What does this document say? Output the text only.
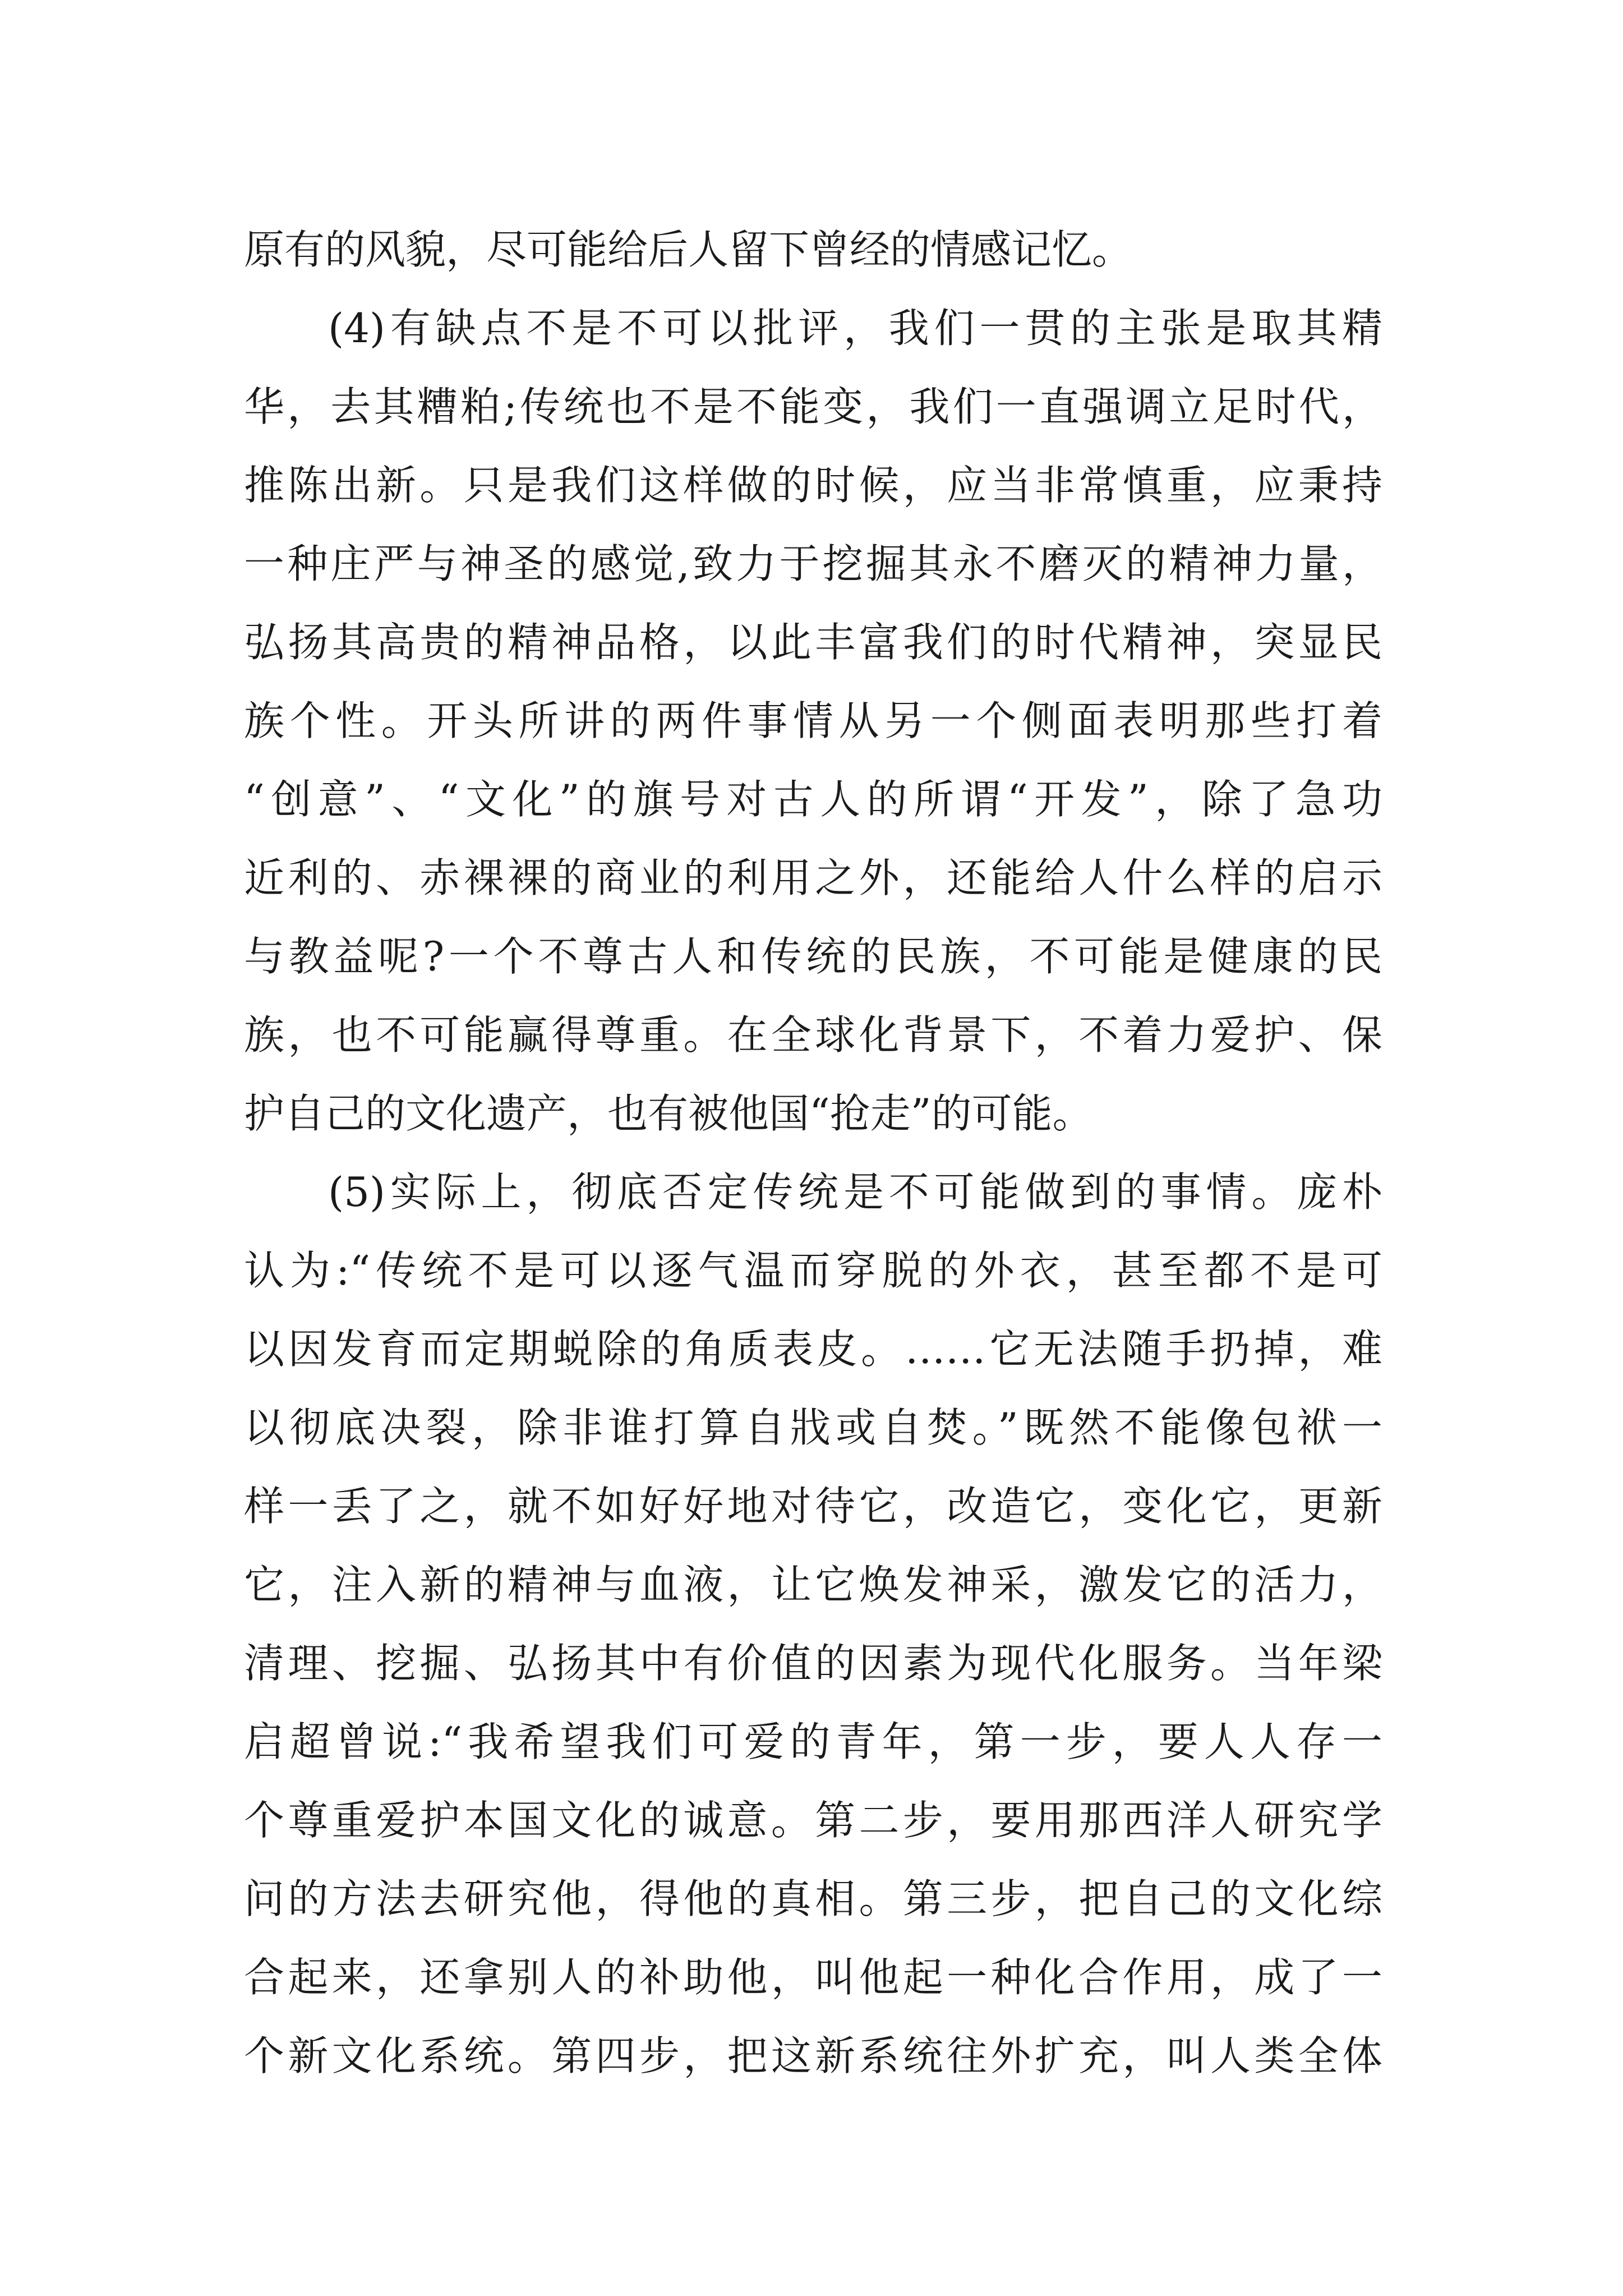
原有的风貌，尽可能给后人留下曾经的情感记忆。
(4)有缺点不是不可以批评，我们一贯的主张是取其精
华，去其糟粕;传统也不是不能变，我们一直强调立足时代，
推陈出新。只是我们这样做的时候，应当非常慎重，应秉持
一种庄严与神圣的感觉,致力于挖掘其永不磨灭的精神力量，
弘扬其高贵的精神品格，以此丰富我们的时代精神，突显民
族个性。开头所讲的两件事情从另一个侧面表明那些打着
“创意”、“文化”的旗号对古人的所谓“开发”，除了急功
近利的、赤裸裸的商业的利用之外，还能给人什么样的启示
与教益呢?一个不尊古人和传统的民族，不可能是健康的民
族，也不可能赢得尊重。在全球化背景下，不着力爱护、保
护自己的文化遗产，也有被他国“抢走”的可能。
(5)实际上，彻底否定传统是不可能做到的事情。庞朴
认为:“传统不是可以逐气温而穿脱的外衣，甚至都不是可
以因发育而定期蜕除的角质表皮。……它无法随手扔掉，难
以彻底决裂，除非谁打算自戕或自焚。”既然不能像包袱一
样一丢了之，就不如好好地对待它，改造它，变化它，更新
它，注入新的精神与血液，让它焕发神采，激发它的活力，
清理、挖掘、弘扬其中有价值的因素为现代化服务。当年梁
启超曾说:“我希望我们可爱的青年，第一步，要人人存一
个尊重爱护本国文化的诚意。第二步，要用那西洋人研究学
问的方法去研究他，得他的真相。第三步，把自己的文化综
合起来，还拿别人的补助他，叫他起一种化合作用，成了一
个新文化系统。第四步，把这新系统往外扩充，叫人类全体
